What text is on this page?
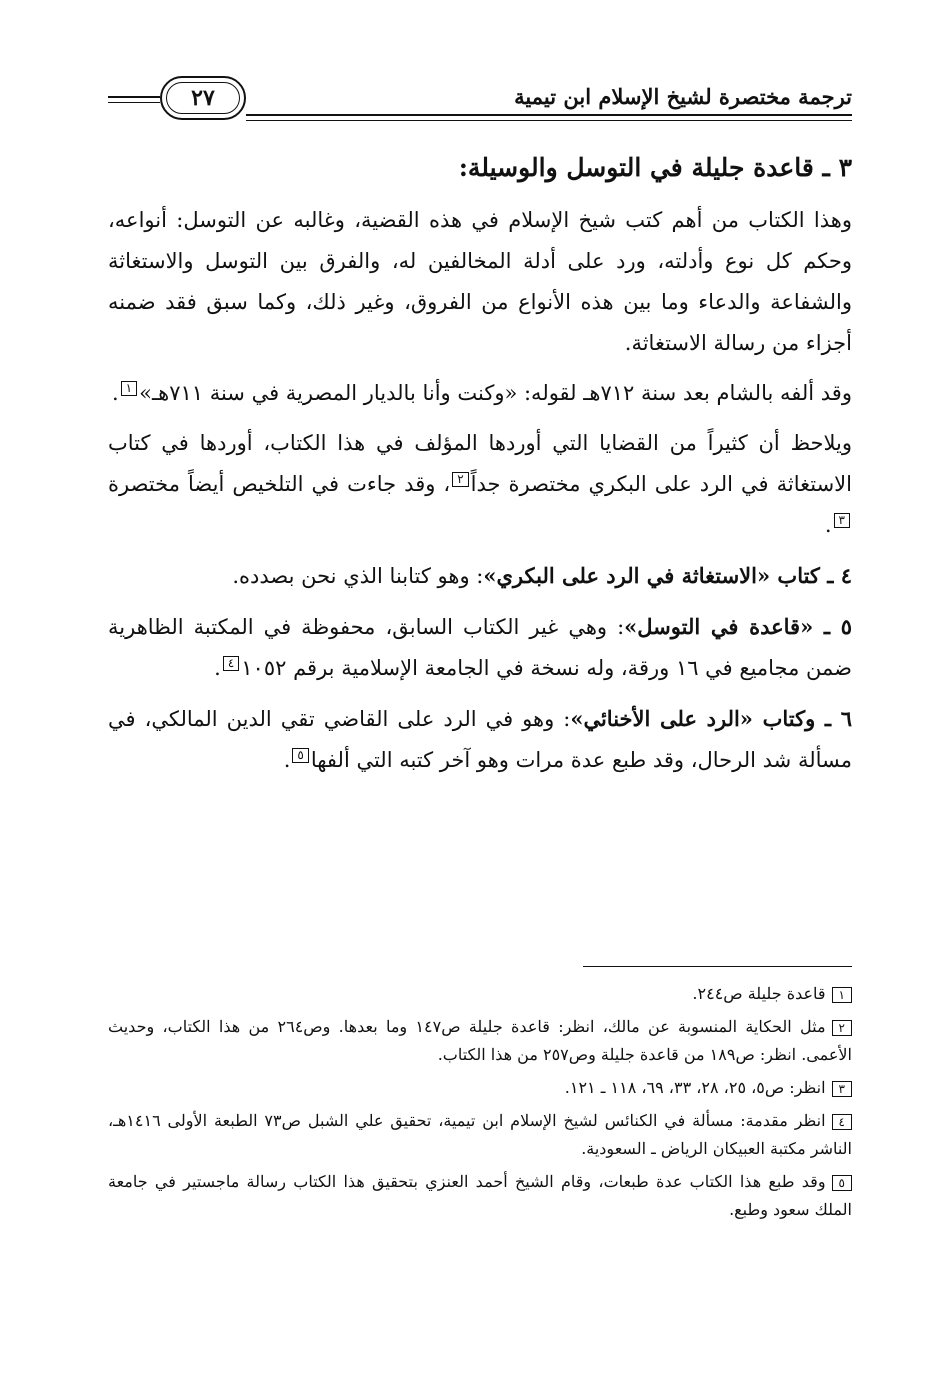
ترجمة مختصرة لشيخ الإسلام ابن تيمية
٢٧
٣ ـ قاعدة جليلة في التوسل والوسيلة:

وهذا الكتاب من أهم كتب شيخ الإسلام في هذه القضية، وغالبه عن التوسل: أنواعه، وحكم كل نوع وأدلته، ورد على أدلة المخالفين له، والفرق بين التوسل والاستغاثة والشفاعة والدعاء وما بين هذه الأنواع من الفروق، وغير ذلك، وكما سبق فقد ضمنه أجزاء من رسالة الاستغاثة.

وقد ألفه بالشام بعد سنة ٧١٢هـ لقوله: «وكنت وأنا بالديار المصرية في سنة ٧١١هـ»١.

ويلاحظ أن كثيراً من القضايا التي أوردها المؤلف في هذا الكتاب، أوردها في كتاب الاستغاثة في الرد على البكري مختصرة جداً٢، وقد جاءت في التلخيص أيضاً مختصرة٣.

٤ ـ كتاب «الاستغاثة في الرد على البكري»: وهو كتابنا الذي نحن بصدده.

٥ ـ «قاعدة في التوسل»: وهي غير الكتاب السابق، محفوظة في المكتبة الظاهرية ضمن مجاميع في ١٦ ورقة، وله نسخة في الجامعة الإسلامية برقم ١٠٥٢٤.

٦ ـ وكتاب «الرد على الأخنائي»: وهو في الرد على القاضي تقي الدين المالكي، في مسألة شد الرحال، وقد طبع عدة مرات وهو آخر كتبه التي ألفها٥.

١قاعدة جليلة ص٢٤٤.

٢مثل الحكاية المنسوبة عن مالك، انظر: قاعدة جليلة ص١٤٧ وما بعدها. وص٢٦٤ من هذا الكتاب، وحديث الأعمى. انظر: ص١٨٩ من قاعدة جليلة وص٢٥٧ من هذا الكتاب.

٣انظر: ص٥، ٢٥، ٢٨، ٣٣، ٦٩، ١١٨ ـ ١٢١.

٤انظر مقدمة: مسألة في الكنائس لشيخ الإسلام ابن تيمية، تحقيق علي الشبل ص٧٣ الطبعة الأولى ١٤١٦هـ، الناشر مكتبة العبيكان الرياض ـ السعودية.

٥وقد طبع هذا الكتاب عدة طبعات، وقام الشيخ أحمد العنزي بتحقيق هذا الكتاب رسالة ماجستير في جامعة الملك سعود وطبع.
